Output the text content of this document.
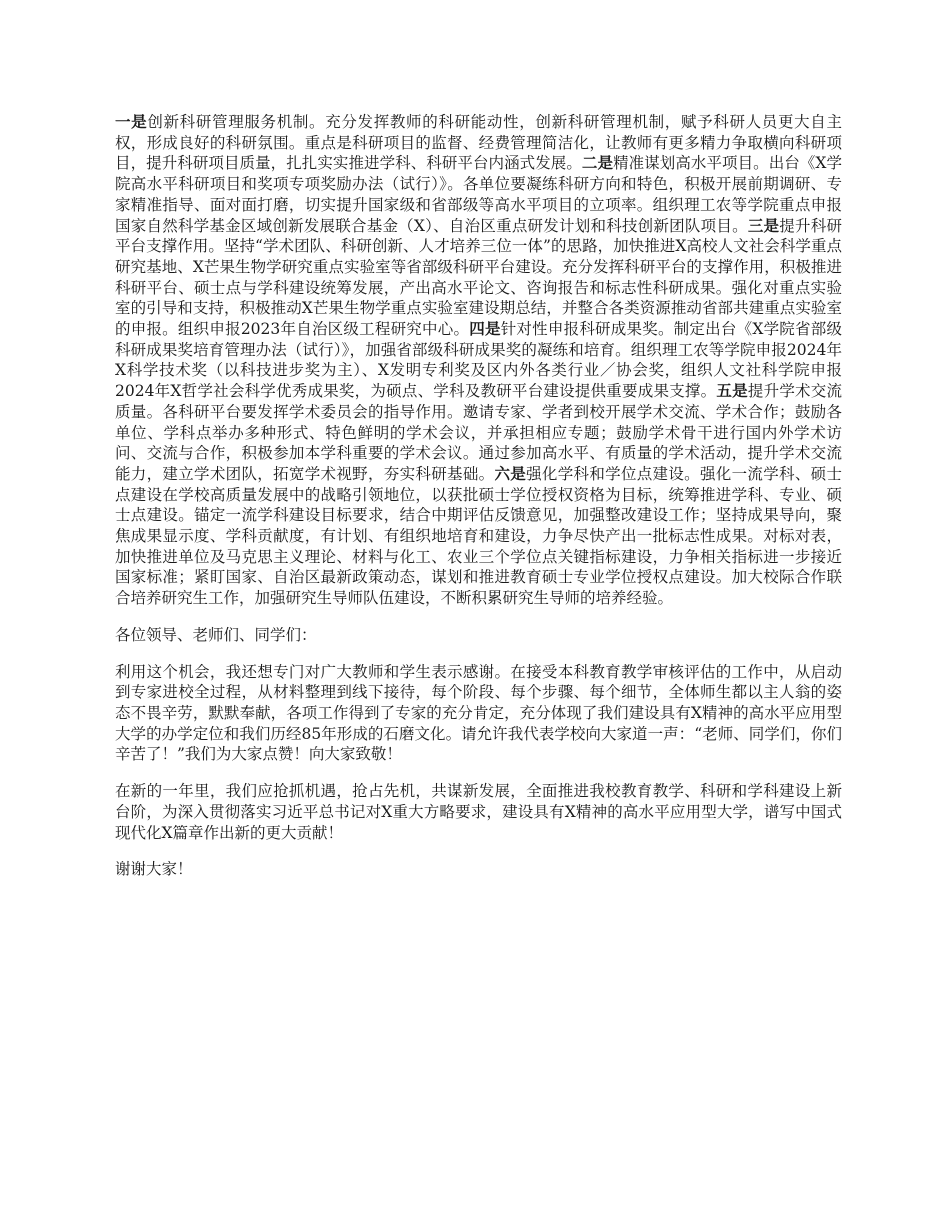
一是创新科研管理服务机制。充分发挥教师的科研能动性，创新科研管理机制，赋予科研人员更大自主权，形成良好的科研氛围。重点是科研项目的监督、经费管理简洁化，让教师有更多精力争取横向科研项目，提升科研项目质量，扎扎实实推进学科、科研平台内涵式发展。二是精准谋划高水平项目。出台《X学院高水平科研项目和奖项专项奖励办法（试行）》。各单位要凝练科研方向和特色，积极开展前期调研、专家精准指导、面对面打磨，切实提升国家级和省部级等高水平项目的立项率。组织理工农等学院重点申报国家自然科学基金区域创新发展联合基金（X）、自治区重点研发计划和科技创新团队项目。三是提升科研平台支撑作用。坚持“学术团队、科研创新、人才培养三位一体”的思路，加快推进X高校人文社会科学重点研究基地、X芒果生物学研究重点实验室等省部级科研平台建设。充分发挥科研平台的支撑作用，积极推进科研平台、硕士点与学科建设统筹发展，产出高水平论文、咨询报告和标志性科研成果。强化对重点实验室的引导和支持，积极推动X芒果生物学重点实验室建设期总结，并整合各类资源推动省部共建重点实验室的申报。组织申报2023年自治区级工程研究中心。四是针对性申报科研成果奖。制定出台《X学院省部级科研成果奖培育管理办法（试行）》，加强省部级科研成果奖的凝练和培育。组织理工农等学院申报2024年X科学技术奖（以科技进步奖为主）、X发明专利奖及区内外各类行业／协会奖，组织人文社科学院申报2024年X哲学社会科学优秀成果奖，为硕点、学科及教研平台建设提供重要成果支撑。五是提升学术交流质量。各科研平台要发挥学术委员会的指导作用。邀请专家、学者到校开展学术交流、学术合作；鼓励各单位、学科点举办多种形式、特色鲜明的学术会议，并承担相应专题；鼓励学术骨干进行国内外学术访问、交流与合作，积极参加本学科重要的学术会议。通过参加高水平、有质量的学术活动，提升学术交流能力，建立学术团队，拓宽学术视野，夯实科研基础。六是强化学科和学位点建设。强化一流学科、硕士点建设在学校高质量发展中的战略引领地位，以获批硕士学位授权资格为目标，统筹推进学科、专业、硕士点建设。锚定一流学科建设目标要求，结合中期评估反馈意见，加强整改建设工作；坚持成果导向，聚焦成果显示度、学科贡献度，有计划、有组织地培育和建设，力争尽快产出一批标志性成果。对标对表，加快推进单位及马克思主义理论、材料与化工、农业三个学位点关键指标建设，力争相关指标进一步接近国家标准；紧盯国家、自治区最新政策动态，谋划和推进教育硕士专业学位授权点建设。加大校际合作联合培养研究生工作，加强研究生导师队伍建设，不断积累研究生导师的培养经验。

各位领导、老师们、同学们：

利用这个机会，我还想专门对广大教师和学生表示感谢。在接受本科教育教学审核评估的工作中，从启动到专家进校全过程，从材料整理到线下接待，每个阶段、每个步骤、每个细节，全体师生都以主人翁的姿态不畏辛劳，默默奉献，各项工作得到了专家的充分肯定，充分体现了我们建设具有X精神的高水平应用型大学的办学定位和我们历经85年形成的石磨文化。请允许我代表学校向大家道一声：“老师、同学们，你们辛苦了！”我们为大家点赞！向大家致敬！

在新的一年里，我们应抢抓机遇，抢占先机，共谋新发展，全面推进我校教育教学、科研和学科建设上新台阶，为深入贯彻落实习近平总书记对X重大方略要求，建设具有X精神的高水平应用型大学，谱写中国式现代化X篇章作出新的更大贡献！

谢谢大家！
